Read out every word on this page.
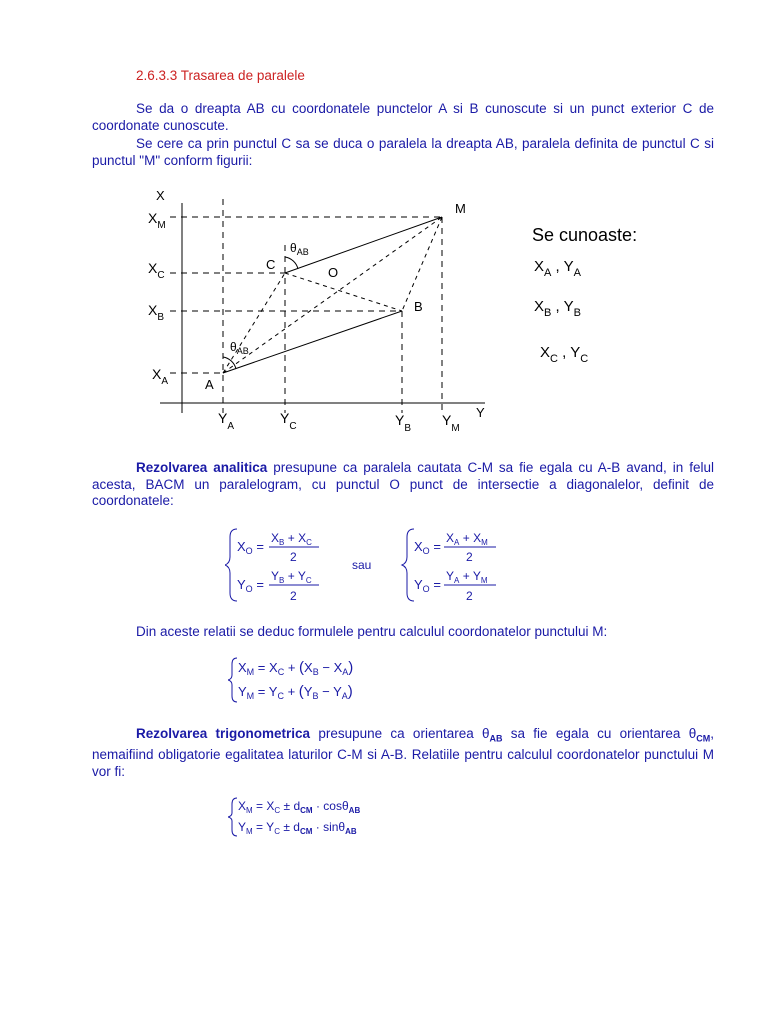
2.6.3.3 Trasarea de paralele
Se da o dreapta AB cu coordonatele punctelor A si B cunoscute si un punct exterior C de coordonate cunoscute.
Se cere ca prin punctul C sa se duca o paralela la dreapta AB, paralela definita de punctul C si punctul "M" conform figurii:
X
Y
M
C
O
B
A
$\theta_{AB}$
$\theta_{AB}$
$X_M$
$X_C$
$X_B$
$X_A$
$Y_A$
$Y_C$	$Y_B$
$Y_M$
Se cunoaste:
$X_A$ , $Y_A$
$X_B$ , $Y_B$
$X_C$ , $Y_C$
Rezolvarea analitica presupune ca paralela cautata C-M sa fie egala cu A-B avand, in felul acesta, BACM un paralelogram, cu punctul O punct de intersectie a diagonalelor, definit de coordonatele:
$X_O$ =
$X_B + X_C$
2
$Y_O$ =
$Y_B + Y_C$
2
sau
$X_O$ =
$X_A + X_M$
2
$Y_O$ =
$Y_A + Y_M$
2
Din aceste relatii se deduc formulele pentru calculul coordonatelor punctului M:
$X_M = X_C + (X_B - X_A)$
$Y_M = Y_C + (Y_B - Y_A)$
Rezolvarea trigonometrica presupune ca orientarea $\theta_{AB}$ sa fie egala cu orientarea $\theta_{CM}$, nemaifiind obligatorie egalitatea laturilor C-M si A-B. Relatiile pentru calculul coordonatelor punctului M vor fi:
$X_M = X_C \pm d_{CM} \cdot \cos\theta_{AB}$
$Y_M = Y_C \pm d_{CM} \cdot \sin\theta_{AB}$
